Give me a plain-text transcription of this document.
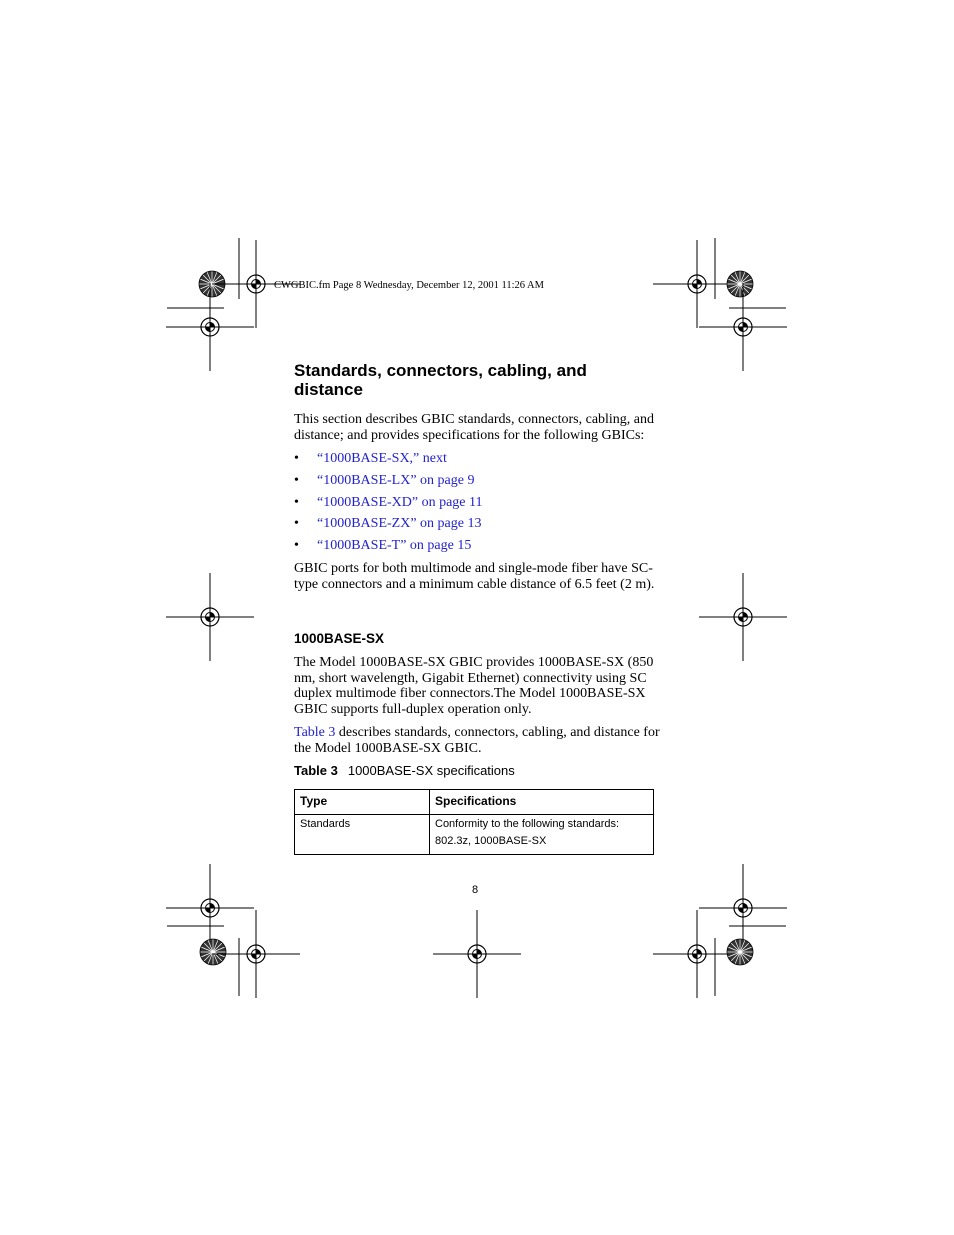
CWGBIC.fm Page 8 Wednesday, December 12, 2001 11:26 AM
Standards, connectors, cabling, and distance
This section describes GBIC standards, connectors, cabling, and distance; and provides specifications for the following GBICs:
•	“1000BASE-SX,” next
•	“1000BASE-LX” on page 9
•	“1000BASE-XD” on page 11
•	“1000BASE-ZX” on page 13
•	“1000BASE-T” on page 15
GBIC ports for both multimode and single-mode fiber have SC-type connectors and a minimum cable distance of 6.5 feet (2 m).
1000BASE-SX
The Model 1000BASE-SX GBIC provides 1000BASE-SX (850 nm, short wavelength, Gigabit Ethernet) connectivity using SC duplex multimode fiber connectors.The Model 1000BASE-SX GBIC supports full-duplex operation only.
Table 3 describes standards, connectors, cabling, and distance for the Model 1000BASE-SX GBIC.
Table 3 1000BASE-SX specifications
Type	Specifications
Standards	Conformity to the following standards:
802.3z, 1000BASE-SX
8
